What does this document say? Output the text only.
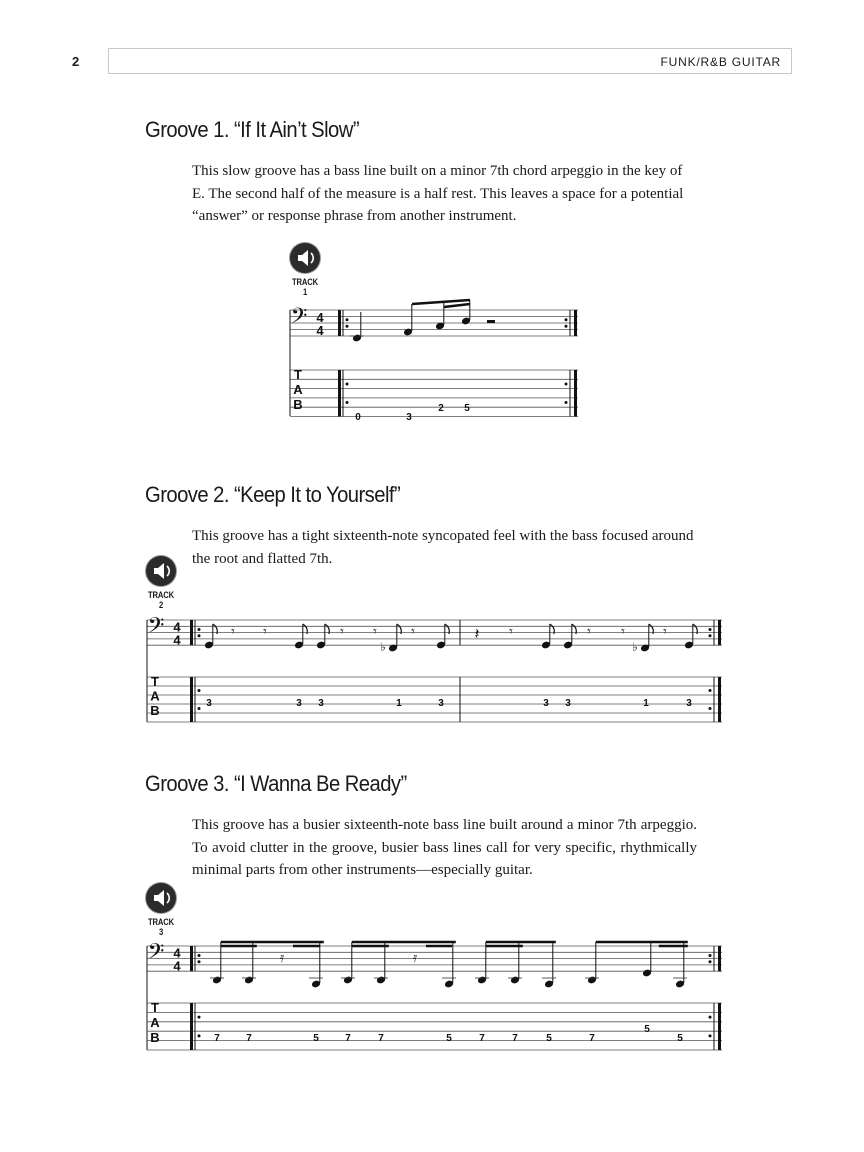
2	FUNK/R&B GUITAR
Groove 1. “If It Ain’t Slow”

This slow groove has a bass line built on a minor 7th chord arpeggio in the key of E. The second half of the measure is a half rest. This leaves a space for a potential “answer” or response phrase from another instrument.

TRACK 1
𝄢 4
4
T
A
B
0	3
2 5
Groove 2. “Keep It to Yourself”

This groove has a tight sixteenth-note syncopated feel with the bass focused around the root and flatted 7th.

TRACK 2
𝄢 4
4
T
A
B
𝄾 𝄾	𝄾 𝄾
♭
𝄾	𝄽 𝄾	𝄾 𝄾
♭
𝄾
3	3 3	1	3	3 3	1	3
Groove 3. “I Wanna Be Ready”

This groove has a busier sixteenth-note bass line built around a minor 7th arpeggio. To avoid clutter in the groove, busier bass lines call for very specific, rhythmically minimal parts from other instruments—especially guitar.

TRACK 3
𝄢 4
4
T
A
B
𝄿	𝄿
7	7	5	7	7	5	7	7	5	7
5
5
